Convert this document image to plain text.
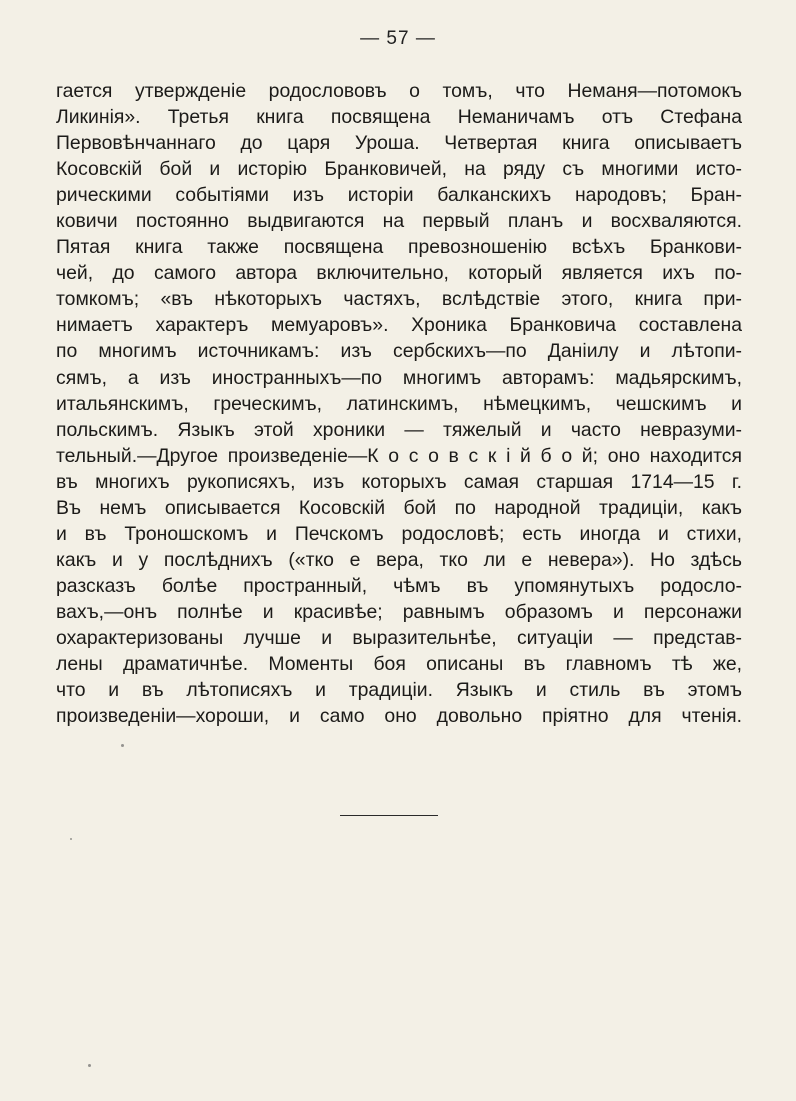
— 57 —
гается утвержденіе родослововъ о томъ, что Неманя—потомокъ
Ликинія». Третья книга посвящена Неманичамъ отъ Стефана
Первовѣнчаннаго до царя Уроша. Четвертая книга описываетъ
Косовскій бой и исторію Бранковичей, на ряду съ многими исто-
рическими событіями изъ исторіи балканскихъ народовъ; Бран-
ковичи постоянно выдвигаются на первый планъ и восхваляются.
Пятая книга также посвящена превозношенію всѣхъ Бранкови-
чей, до самого автора включительно, который является ихъ по-
томкомъ; «въ нѣкоторыхъ частяхъ, вслѣдствіе этого, книга при-
нимаетъ характеръ мемуаровъ». Хроника Бранковича составлена
по многимъ источникамъ: изъ сербскихъ—по Даніилу и лѣтопи-
сямъ, а изъ иностранныхъ—по многимъ авторамъ: мадьярскимъ,
итальянскимъ, греческимъ, латинскимъ, нѣмецкимъ, чешскимъ и
польскимъ. Языкъ этой хроники — тяжелый и часто невразуми-
тельный.—Другое произведеніе—К о с о в с к і й б о й; оно находится
въ многихъ рукописяхъ, изъ которыхъ самая старшая 1714—15 г.
Въ немъ описывается Косовскій бой по народной традиціи, какъ
и въ Троношскомъ и Печскомъ родословѣ; есть иногда и стихи,
какъ и у послѣднихъ («тко е вера, тко ли е невера»). Но здѣсь
разсказъ болѣе пространный, чѣмъ въ упомянутыхъ родосло-
вахъ,—онъ полнѣе и красивѣе; равнымъ образомъ и персонажи
охарактеризованы лучше и выразительнѣе, ситуаціи — представ-
лены драматичнѣе. Моменты боя описаны въ главномъ тѣ же,
что и въ лѣтописяхъ и традиціи. Языкъ и стиль въ этомъ
произведеніи—хороши, и само оно довольно пріятно для чтенія.
